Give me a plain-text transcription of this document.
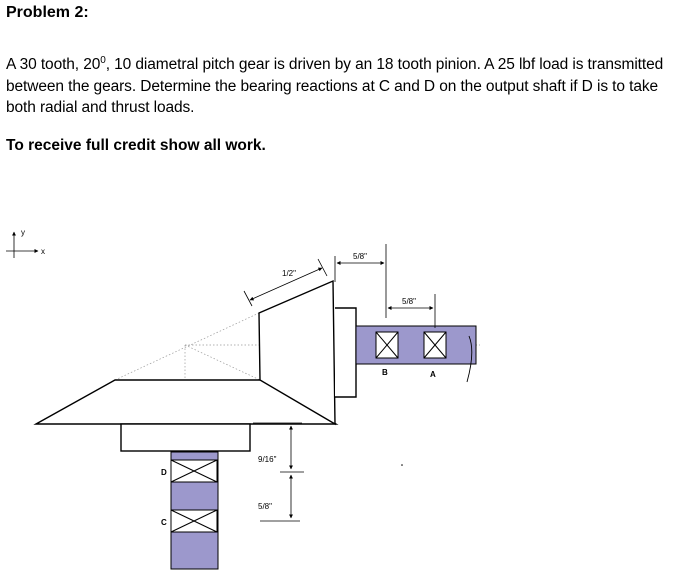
Problem 2:

A 30 tooth, $20^0$, 10 diametral pitch gear is driven by an 18 tooth pinion. A 25 lbf load is transmitted between the gears. Determine the bearing reactions at C and D on the output shaft if D is to take both radial and thrust loads.

To receive full credit show all work.

y
x
B	A
D
C
1/2"
5/8"
5/8"
9/16"
5/8"
